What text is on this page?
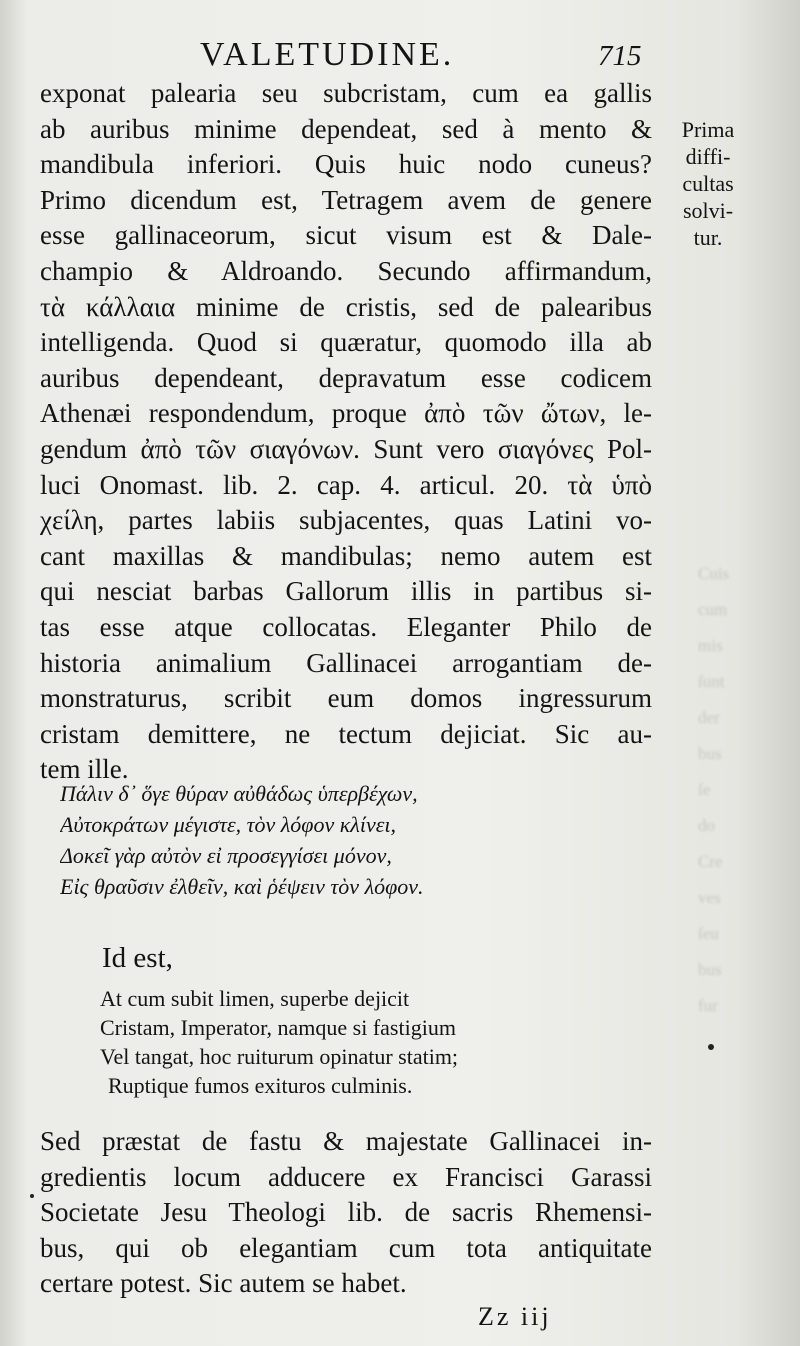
Cuis
cum
mis
ſunt
der
bus
ſe
do
Cre
ves
ſeu
bus
fur
VALETUDINE.	715
Prima
diffi-
cultas
solvi-
tur.
exponat palearia seu subcristam, cum ea gallis
ab auribus minime dependeat, sed à mento &
mandibula inferiori. Quis huic nodo cuneus?
Primo dicendum est, Tetragem avem de genere
esse gallinaceorum, sicut visum est & Dale-
champio & Aldroando. Secundo affirmandum,
τὰ κάλλαια minime de cristis, sed de palearibus
intelligenda. Quod si quæratur, quomodo illa ab
auribus dependeant, depravatum esse codicem
Athenæi respondendum, proque ἀπὸ τῶν ὤτων, le-
gendum ἀπὸ τῶν σιαγόνων. Sunt vero σιαγόνες Pol-
luci Onomast. lib. 2. cap. 4. articul. 20. τὰ ὑπὸ
χείλη, partes labiis subjacentes, quas Latini vo-
cant maxillas & mandibulas; nemo autem est
qui nesciat barbas Gallorum illis in partibus si-
tas esse atque collocatas. Eleganter Philo de
historia animalium Gallinacei arrogantiam de-
monstraturus, scribit eum domos ingressurum
cristam demittere, ne tectum dejiciat. Sic au-
tem ille.
Πάλιν δ᾽ ὅγε θύραν αὐθάδως ὑπερβέχων,
Αὐτοκράτων μέγιστε, τὸν λόφον κλίνει,
Δοκεῖ γὰρ αὐτὸν εἰ προσεγγίσει μόνον,
Εἰς θραῦσιν ἐλθεῖν, καὶ ῥέψειν τὸν λόφον.
Id est,
At cum subit limen, superbe dejicit
Cristam, Imperator, namque si fastigium
Vel tangat, hoc ruiturum opinatur statim;
Ruptique fumos exituros culminis.
Sed præstat de fastu & majestate Gallinacei in-
gredientis locum adducere ex Francisci Garassi
Societate Jesu Theologi lib. de sacris Rhemensi-
bus, qui ob elegantiam cum tota antiquitate
certare potest. Sic autem se habet.
Zz iij
